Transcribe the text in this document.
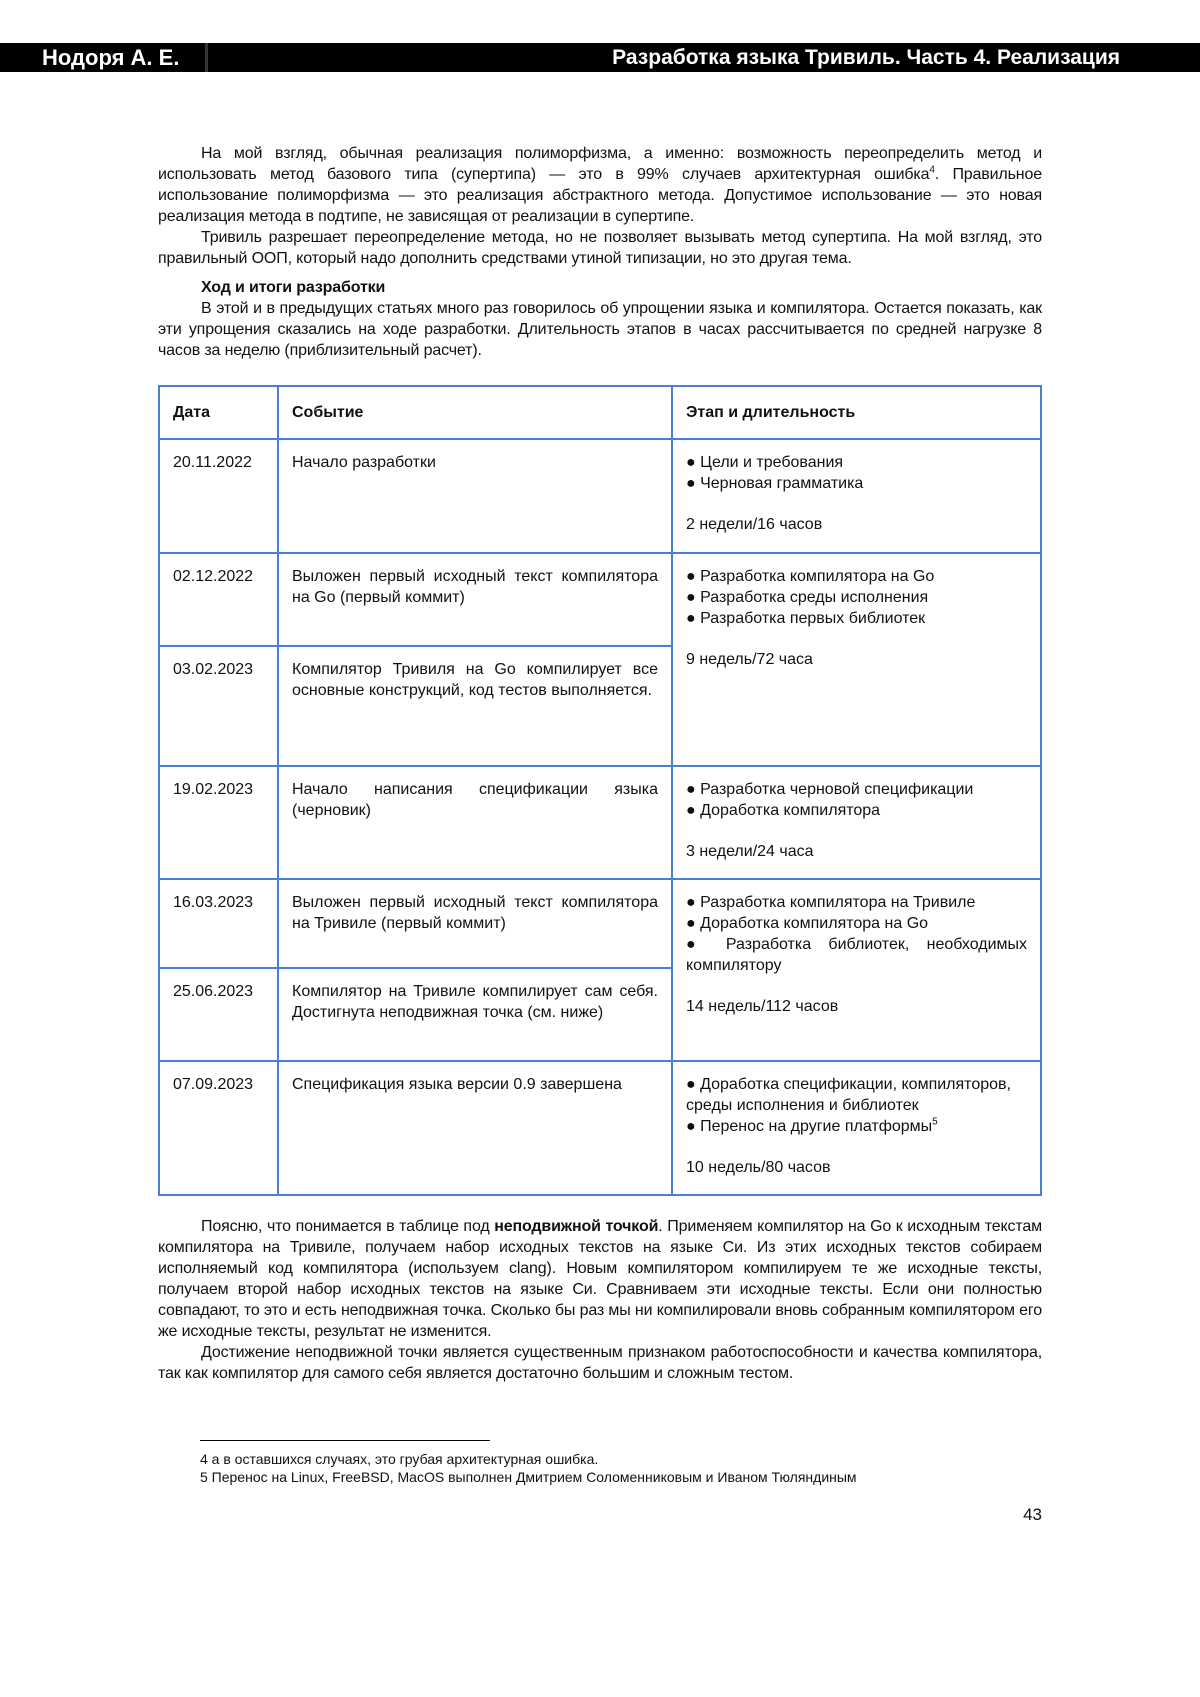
Нодоря А. Е.	Разработка языка Тривиль. Часть 4. Реализация

На мой взгляд, обычная реализация полиморфизма, а именно: возможность переопределить метод и использовать метод базового типа (супертипа) — это в 99% случаев архитектурная ошибка4. Правильное использование полиморфизма — это реализация абстрактного метода. Допустимое использование — это новая реализация метода в подтипе, не зависящая от реализации в супертипе.

Тривиль разрешает переопределение метода, но не позволяет вызывать метод супертипа. На мой взгляд, это правильный ООП, который надо дополнить средствами утиной типизации, но это другая тема.

Ход и итоги разработки

В этой и в предыдущих статьях много раз говорилось об упрощении языка и компилятора. Остается показать, как эти упрощения сказались на ходе разработки. Длительность этапов в часах рассчитывается по средней нагрузке 8 часов за неделю (приблизительный расчет).

Дата	Событие	Этап и длительность
20.11.2022	Начало разработки	
●Цели и требования
● Черновая грамматика
2 недели/16 часов

02.12.2022	Выложен первый исходный текст компилятора на Go (первый коммит)	
● Разработка компилятора на Go
● Разработка среды исполнения
● Разработка первых библиотек
9 недель/72 часа

03.02.2023	Компилятор Тривиля на Go компилирует все основные конструкций, код тестов выполняется.
19.02.2023	Начало написания спецификации языка (черновик)	
● Разработка черновой спецификации
● Доработка компилятора
3 недели/24 часа

16.03.2023	Выложен первый исходный текст компилятора на Тривиле (первый коммит)	
● Разработка компилятора на Тривиле
● Доработка компилятора на Go
● Разработка библиотек, необходимых компилятору
14 недель/112 часов

25.06.2023	Компилятор на Тривиле компилирует сам себя. Достигнута неподвижная точка (см. ниже)
07.09.2023	Спецификация языка версии 0.9 завершена	
●Доработка спецификации, компиляторов, среды исполнения и библиотек
● Перенос на другие платформы5
10 недель/80 часов

Поясню, что понимается в таблице под неподвижной точкой. Применяем компилятор на Go к исходным текстам компилятора на Тривиле, получаем набор исходных текстов на языке Си. Из этих исходных текстов собираем исполняемый код компилятора (используем clang). Новым компилятором компилируем те же исходные тексты, получаем второй набор исходных текстов на языке Си. Сравниваем эти исходные тексты. Если они полностью совпадают, то это и есть неподвижная точка. Сколько бы раз мы ни компилировали вновь собранным компилятором его же исходные тексты, результат не изменится.

Достижение неподвижной точки является существенным признаком работоспособности и качества компилятора, так как компилятор для самого себя является достаточно большим и сложным тестом.

4 а в оставшихся случаях, это грубая архитектурная ошибка.
5 Перенос на Linux, FreeBSD, MacOS выполнен Дмитрием Соломенниковым и Иваном Тюляндиным
43
